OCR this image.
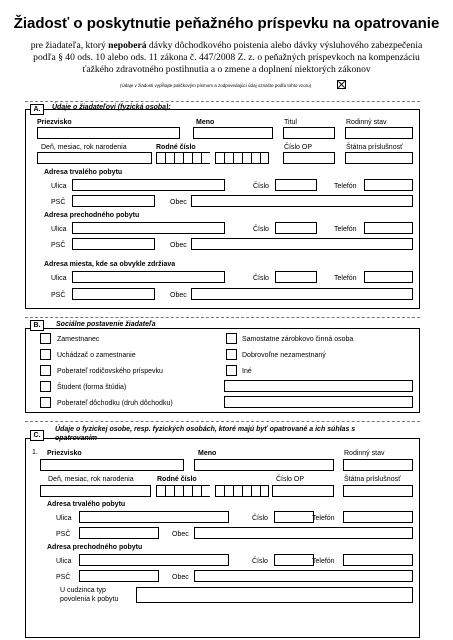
Žiadosť o poskytnutie peňažného príspevku na opatrovanie
pre žiadateľa, ktorý nepoberá dávky dôchodkového poistenia alebo dávky výsluhového zabezpečenia
podľa § 40 ods. 10 alebo ods. 11 zákona č. 447/2008 Z. z. o peňažných príspevkoch na kompenzáciu
ťažkého zdravotného postihnutia a o zmene a doplnení niektorých zákonov
(Údaje v žiadosti vypĺňajte paličkovým písmom a zodpovedajúci údaj označte podľa tohto vzoru)
A.	Údaje o žiadateľovi (fyzická osoba):
Priezvisko	Meno	Titul	Rodinný stav
Deň, mesiac, rok narodenia	Rodné číslo	Číslo OP	Štátna príslušnosť
Adresa trvalého pobytu
Ulica	Číslo	Telefón
PSČ	Obec
Adresa prechodného pobytu
Ulica	Číslo	Telefón
PSČ	Obec
Adresa miesta, kde sa obvykle zdržiava
Ulica	Číslo	Telefón
PSČ	Obec
B.	Sociálne postavenie žiadateľa
Zamestnanec
Uchádzač o zamestnanie
Poberateľ rodičovského príspevku
Študent (forma štúdia)
Poberateľ dôchodku (druh dôchodku)
Samostatne zárobkovo činná osoba
Dobrovoľne nezamestnaný
Iné
C.
Údaje o fyzickej osobe, resp. fyzických osobách, ktoré majú byť opatrované a ich súhlas s
opatrovaním
1. Priezvisko	Meno	Rodinný stav
Deň, mesiac, rok narodenia	Rodné číslo	Číslo OP	Štátna príslušnosť
Adresa trvalého pobytu
Ulica	Číslo	Telefón
PSČ	Obec
Adresa prechodného pobytu
Ulica	Číslo	Telefón
PSČ	Obec
U cudzinca typ
povolenia k pobytu
